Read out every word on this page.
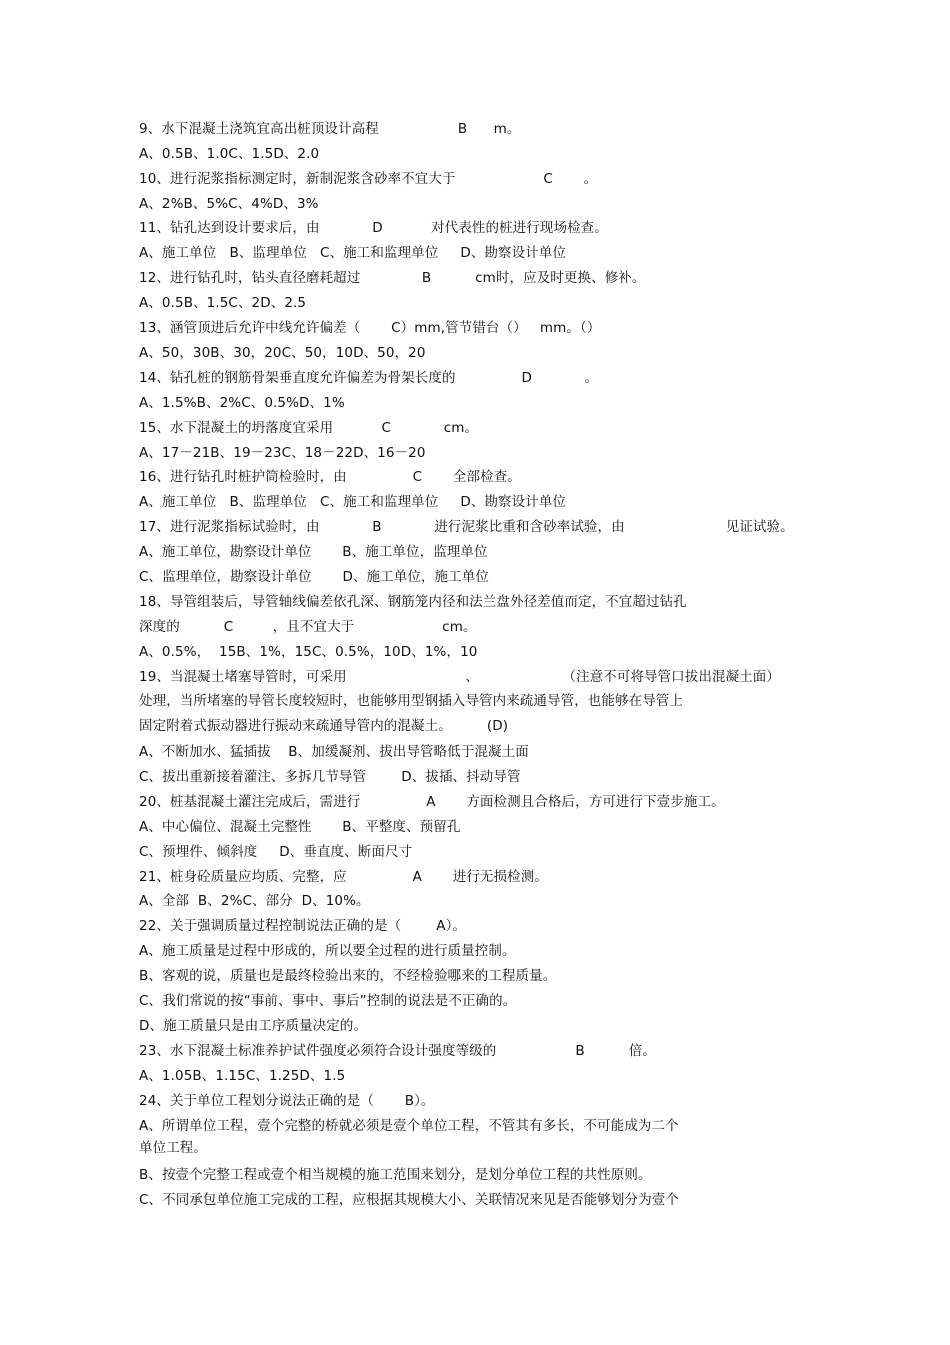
9、水下混凝土浇筑宜高出桩顶设计高程                  B      m。
A、0.5B、1.0C、1.5D、2.0
10、进行泥浆指标测定时，新制泥浆含砂率不宜大于                    C       。
A、2%B、5%C、4%D、3%
11、钻孔达到设计要求后，由            D           对代表性的桩进行现场检查。
A、施工单位   B、监理单位   C、施工和监理单位     D、勘察设计单位
12、进行钻孔时，钻头直径磨耗超过              B          cm时，应及时更换、修补。
A、0.5B、1.5C、2D、2.5
13、涵管顶进后允许中线允许偏差（       C）mm,管节错台（）   mm。（）
A、50，30B、30，20C、50，10D、50，20
14、钻孔桩的钢筋骨架垂直度允许偏差为骨架长度的               D            。
A、1.5%B、2%C、0.5%D、1%
15、水下混凝土的坍落度宜采用           C            cm。
A、17－21B、19－23C、18－22D、16－20
16、进行钻孔时桩护筒检验时，由               C       全部检查。
A、施工单位   B、监理单位   C、施工和监理单位     D、勘察设计单位
17、进行泥浆指标试验时，由            B            进行泥浆比重和含砂率试验，由                       见证试验。
A、施工单位，勘察设计单位       B、施工单位，监理单位
C、监理单位，勘察设计单位       D、施工单位，施工单位
18、导管组装后，导管轴线偏差依孔深、钢筋笼内径和法兰盘外径差值而定，不宜超过钻孔
深度的          C         ，且不宜大于                    cm。
A、0.5%，  15B、1%，15C、0.5%，10D、1%，10
19、当混凝土堵塞导管时，可采用                           、                   （注意不可将导管口拔出混凝土面）
处理，当所堵塞的导管长度较短时，也能够用型钢插入导管内来疏通导管，也能够在导管上
固定附着式振动器进行振动来疏通导管内的混凝土。        (D)
A、不断加水、猛插拔    B、加缓凝剂、拔出导管略低于混凝土面
C、拔出重新接着灌注、多拆几节导管        D、拔插、抖动导管
20、桩基混凝土灌注完成后，需进行               A       方面检测且合格后，方可进行下壹步施工。
A、中心偏位、混凝土完整性       B、平整度、预留孔
C、预埋件、倾斜度     D、垂直度、断面尺寸
21、桩身砼质量应均质、完整，应               A       进行无损检测。
A、全部  B、2%C、部分  D、10%。
22、关于强调质量过程控制说法正确的是（        A）。
A、施工质量是过程中形成的，所以要全过程的进行质量控制。
B、客观的说，质量也是最终检验出来的，不经检验哪来的工程质量。
C、我们常说的按“事前、事中、事后”控制的说法是不正确的。
D、施工质量只是由工序质量决定的。
23、水下混凝土标准养护试件强度必须符合设计强度等级的                  B          倍。
A、1.05B、1.15C、1.25D、1.5
24、关于单位工程划分说法正确的是（       B）。
A、所谓单位工程，壹个完整的桥就必须是壹个单位工程，不管其有多长，不可能成为二个
单位工程。
B、按壹个完整工程或壹个相当规模的施工范围来划分，是划分单位工程的共性原则。
C、不同承包单位施工完成的工程，应根据其规模大小、关联情况来见是否能够划分为壹个
